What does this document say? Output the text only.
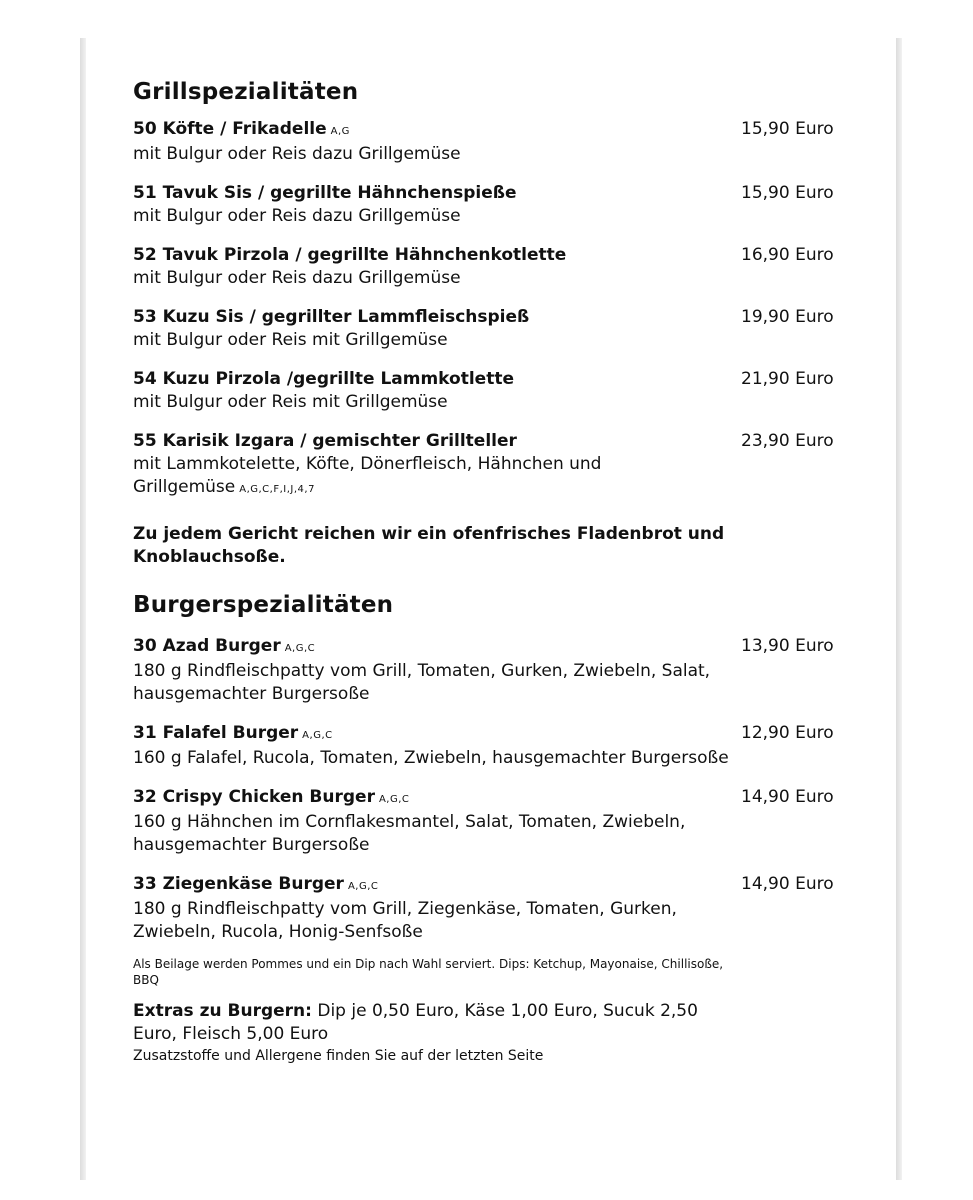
Grillspezialitäten
50 Köfte / Frikadelle A,G
mit Bulgur oder Reis dazu Grillgemüse
15,90 Euro
51 Tavuk Sis / gegrillte Hähnchenspieße
mit Bulgur oder Reis dazu Grillgemüse
15,90 Euro
52 Tavuk Pirzola / gegrillte Hähnchenkotlette
mit Bulgur oder Reis dazu Grillgemüse
16,90 Euro
53 Kuzu Sis / gegrillter Lammfleischspieß
mit Bulgur oder Reis mit Grillgemüse
19,90 Euro
54 Kuzu Pirzola /gegrillte Lammkotlette
mit Bulgur oder Reis mit Grillgemüse
21,90 Euro
55 Karisik Izgara / gemischter Grillteller
mit Lammkotelette, Köfte, Dönerfleisch, Hähnchen und Grillgemüse A,G,C,F,I,J,4,7
23,90 Euro
Zu jedem Gericht reichen wir ein ofenfrisches Fladenbrot und Knoblauchsoße.
Burgerspezialitäten
30 Azad Burger A,G,C
180 g Rindfleischpatty vom Grill, Tomaten, Gurken, Zwiebeln, Salat, hausgemachter Burgersoße
13,90 Euro
31 Falafel Burger A,G,C
160 g Falafel, Rucola, Tomaten, Zwiebeln, hausgemachter Burgersoße
12,90 Euro
32 Crispy Chicken Burger A,G,C
160 g Hähnchen im Cornflakesmantel, Salat, Tomaten, Zwiebeln, hausgemachter Burgersoße
14,90 Euro
33 Ziegenkäse Burger A,G,C
180 g Rindfleischpatty vom Grill, Ziegenkäse, Tomaten, Gurken, Zwiebeln, Rucola, Honig-Senfsoße
14,90 Euro
Als Beilage werden Pommes und ein Dip nach Wahl serviert. Dips: Ketchup, Mayonaise, Chillisoße, BBQ
Extras zu Burgern: Dip je 0,50 Euro, Käse 1,00 Euro, Sucuk 2,50 Euro, Fleisch 5,00 Euro
Zusatzstoffe und Allergene finden Sie auf der letzten Seite
